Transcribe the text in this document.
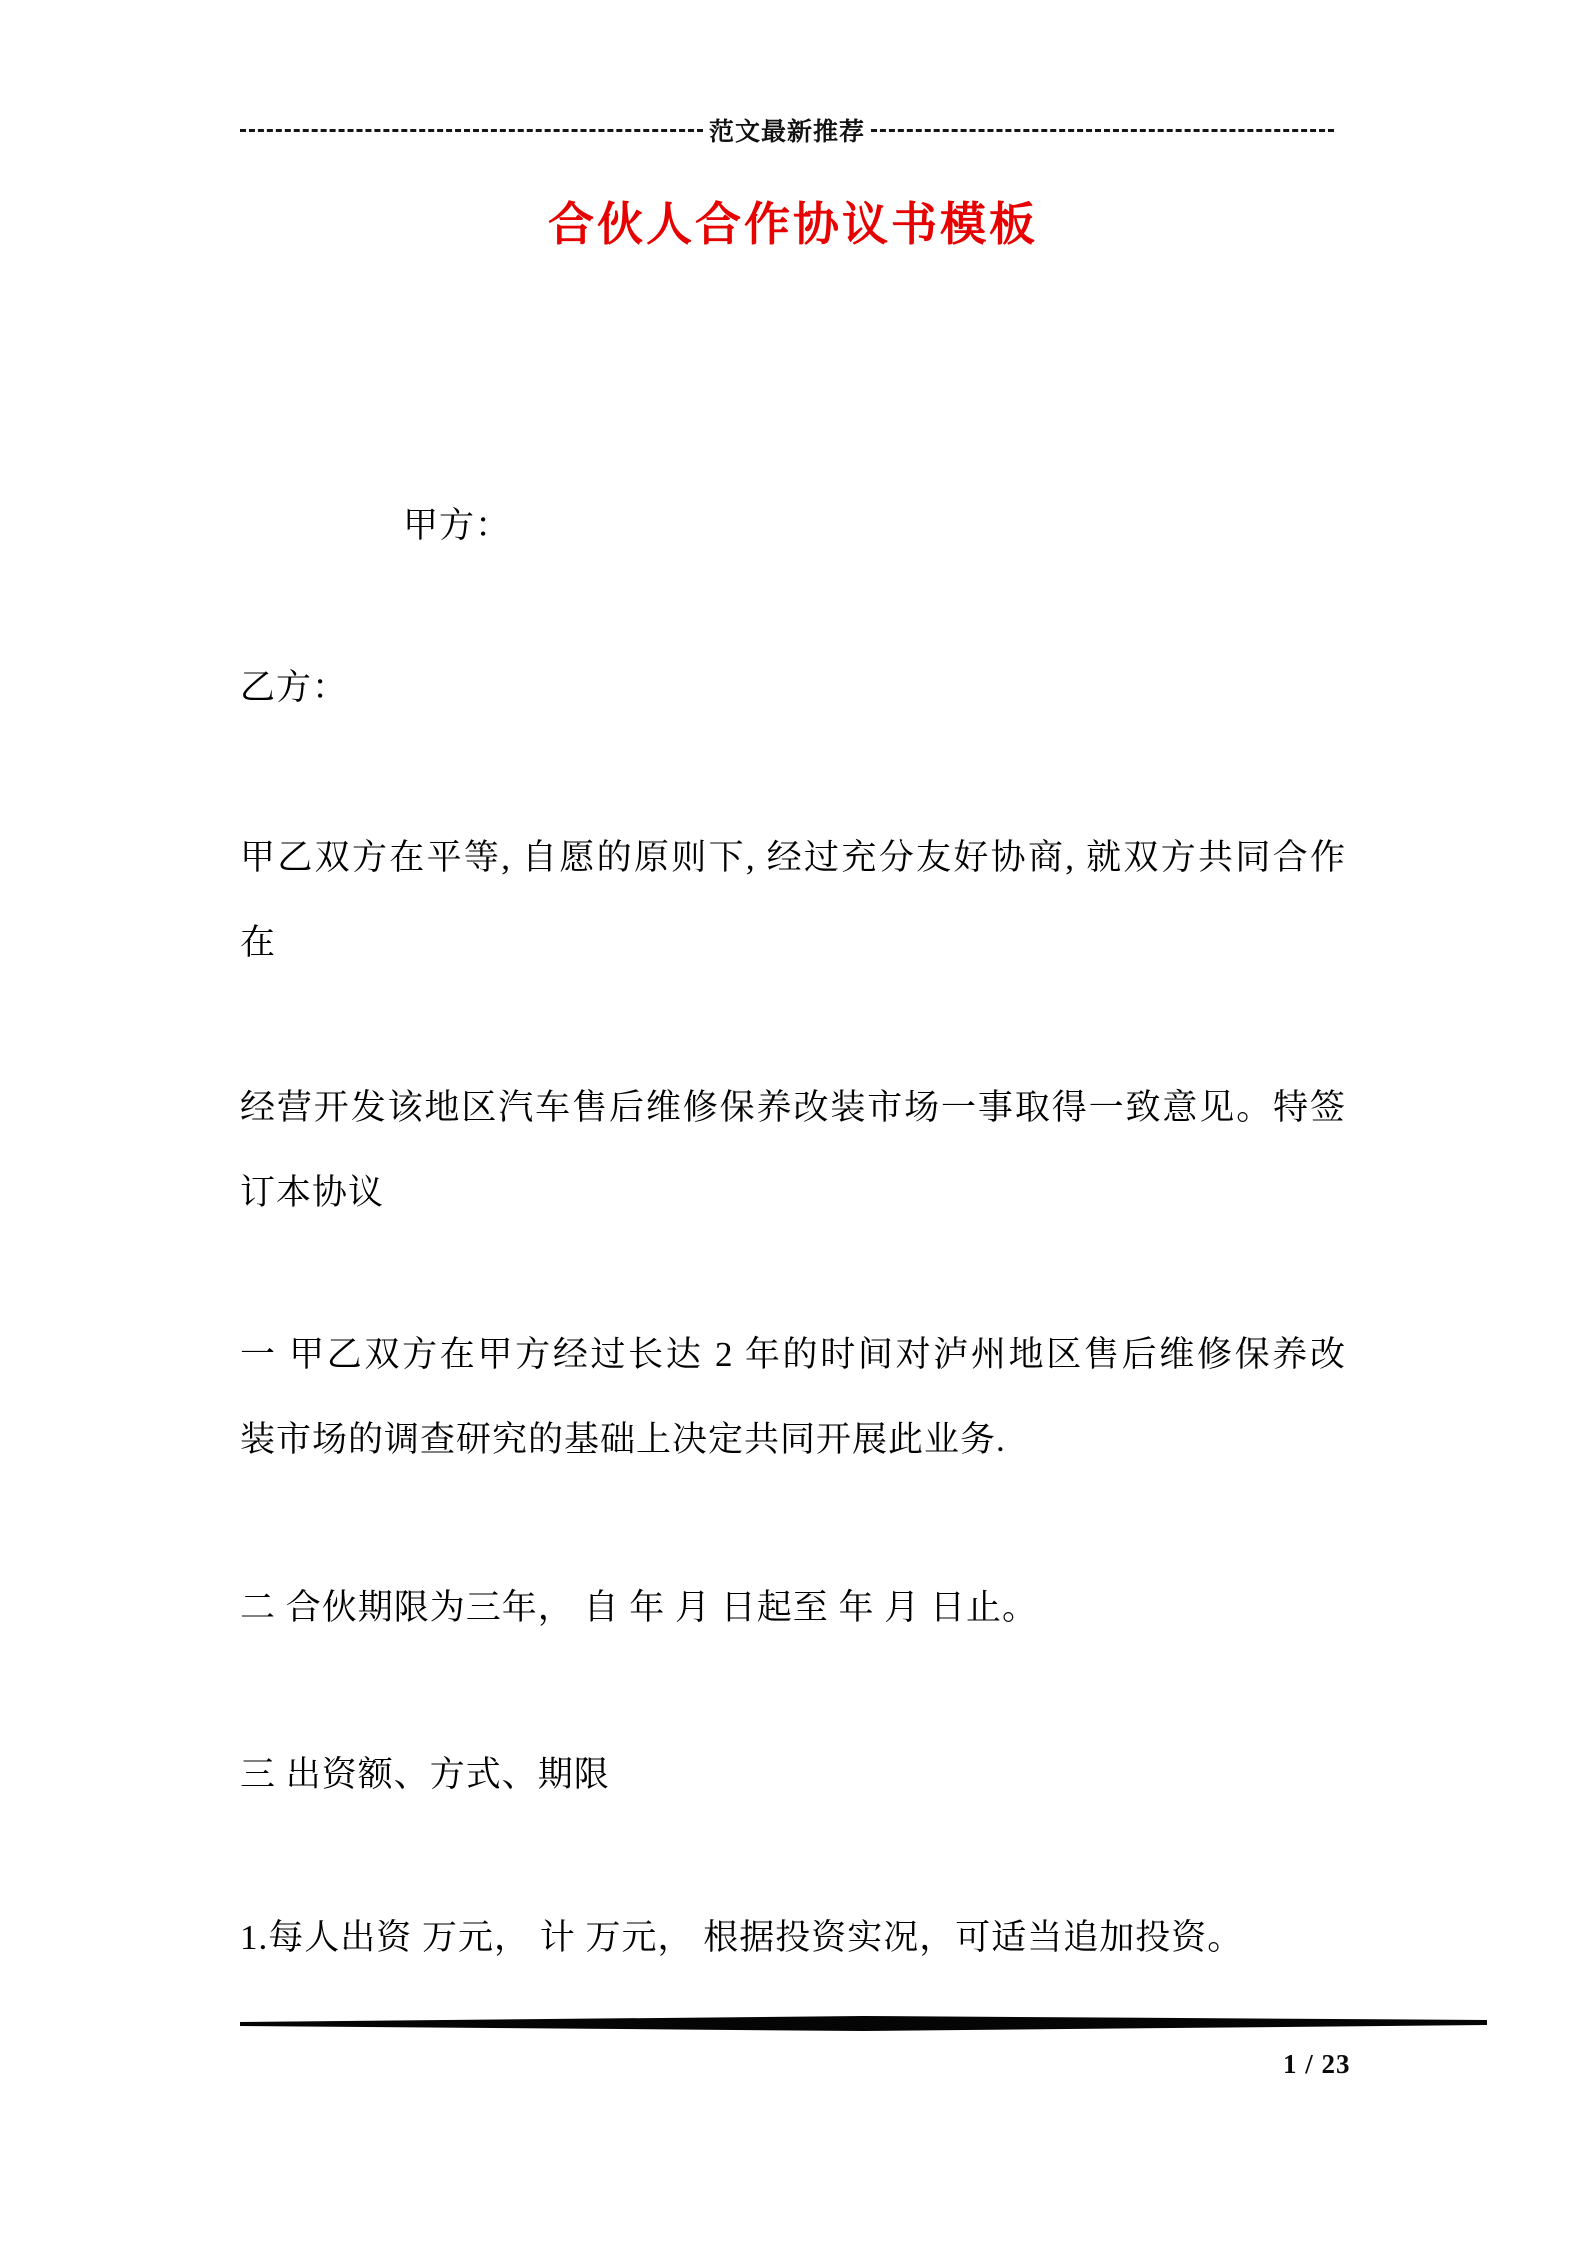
范文最新推荐
合伙人合作协议书模板
甲方：
乙方：
甲乙双方在平等, 自愿的原则下, 经过充分友好协商, 就双方共同合作
在
经营开发该地区汽车售后维修保养改装市场一事取得一致意见。特签
订本协议
一 甲乙双方在甲方经过长达 2 年的时间对泸州地区售后维修保养改
装市场的调查研究的基础上决定共同开展此业务.
二 合伙期限为三年， 自 年 月 日起至 年 月 日止。
三 出资额、方式、期限
1.每人出资 万元， 计 万元， 根据投资实况，可适当追加投资。
1 / 23
